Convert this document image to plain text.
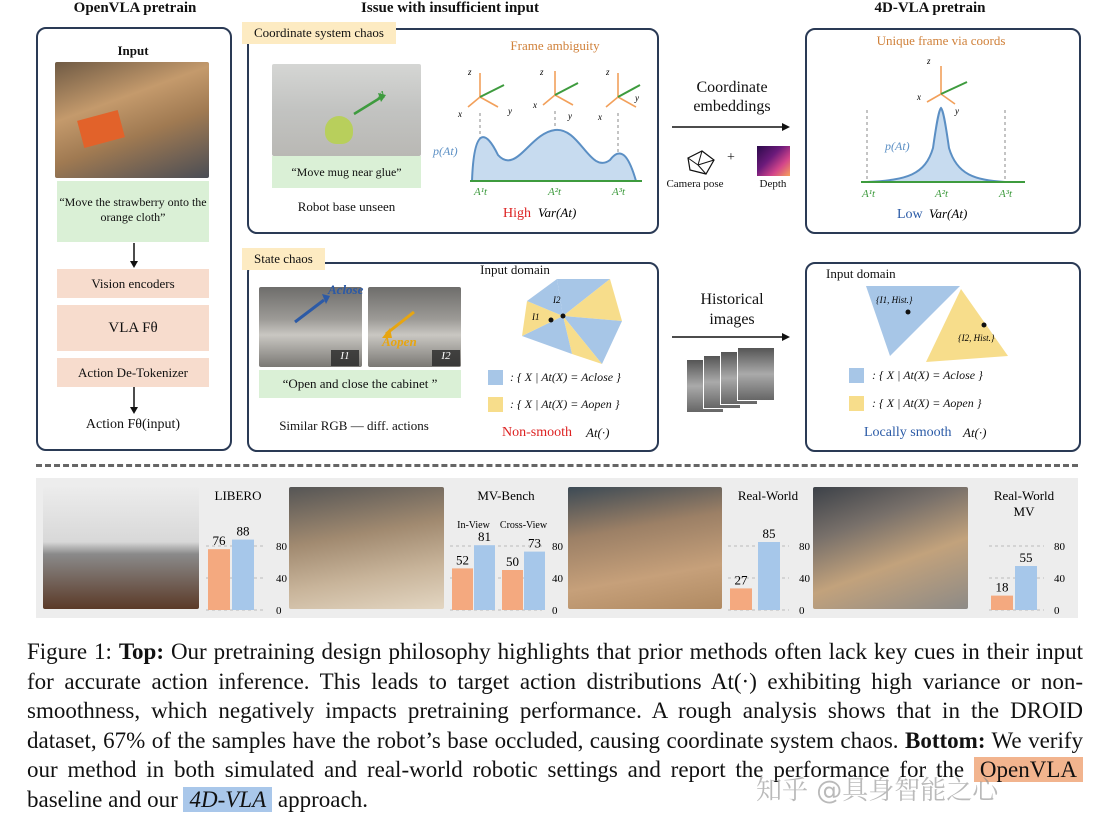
OpenVLA pretrain	Issue with insufficient input	4D-VLA pretrain
Input
“Move the strawberry onto the orange cloth”
Vision encoders
VLA Fθ
Action De-Tokenizer
Action Fθ(input)
Coordinate system chaos
A
“Move mug near glue”
Robot base unseen
Frame ambiguity
z
x	y
z
x
y
z
x
y
p(At)
A¹t	A²t	A³t
High Var(At)
Coordinate
embeddings
+
Camera pose	Depth
Unique frame via coords
z
x
y
p(At)
A¹t	A²t	A³t
Low Var(At)
State chaos
Aclose
Aopen
I1	I2
“Open and close the cabinet ”
Similar RGB — diff. actions
Input domain
I2
I1
: { X | At(X) = Aclose }
: { X | At(X) = Aopen }
Non-smooth At(·)
Historical
images
Input domain
{I1, Hist.}
{I2, Hist.}
: { X | At(X) = Aclose }
: { X | At(X) = Aopen }
Locally smooth At(·)
LIBERO
0
40
80
76
88
MV-Bench
0
40
80
In-View Cross-View
52
81
50
73
Real-World
0
40
80
27
85
Real-World
MV
0
40
80
18
55
Figure 1: Top: Our pretraining design philosophy highlights that prior methods often lack key cues in their input for accurate action inference. This leads to target action distributions At(·) exhibiting high variance or non-smoothness, which negatively impacts pretraining performance. A rough analysis shows that in the DROID dataset, 67% of the samples have the robot’s base occluded, causing coordinate system chaos. Bottom: We verify our method in both simulated and real-world robotic settings and report the performance for the OpenVLA baseline and our 4D-VLA approach.	知乎 @具身智能之心
